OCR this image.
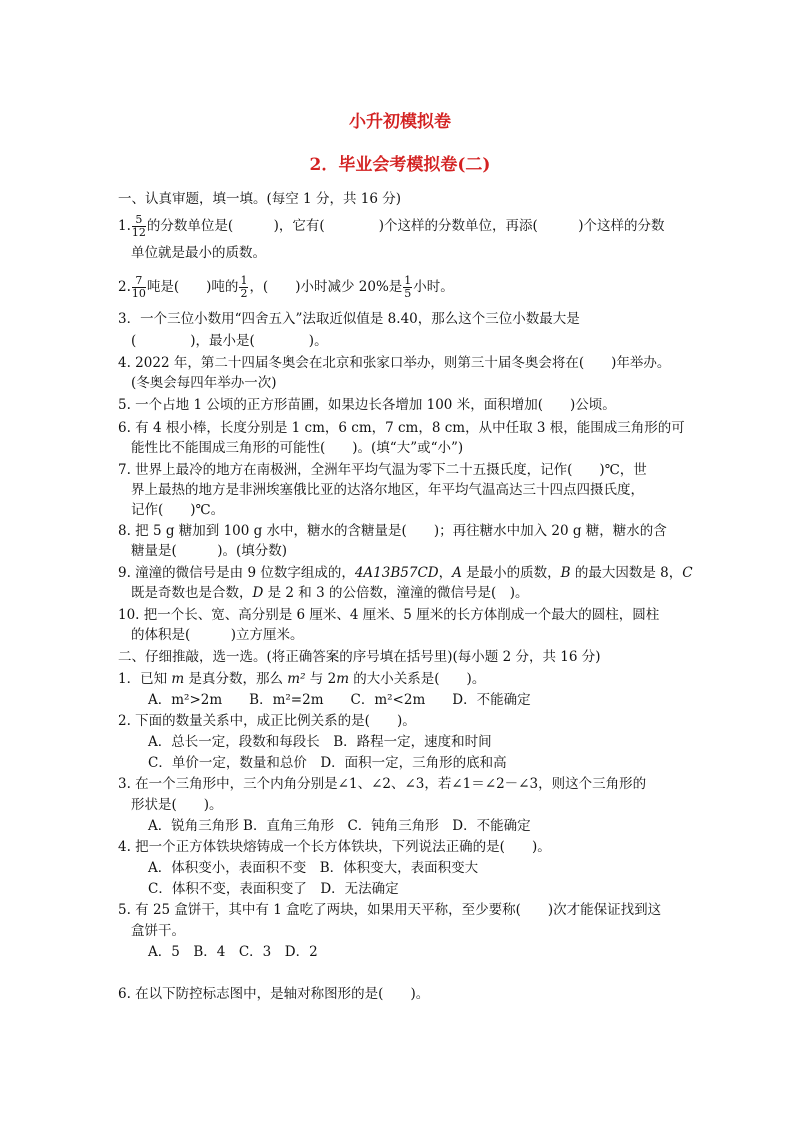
小升初模拟卷
2．毕业会考模拟卷(二)
一、认真审题，填一填。(每空 1 分，共 16 分)
1. $\frac{5}{12}$ 的分数单位是(　　　)，它有(　　　　)个这样的分数单位，再添(　　　)个这样的分数
单位就是最小的质数。
2. $\frac{7}{10}$ 吨是(　　)吨的 $\frac{1}{2}$ ，(　　)小时减少 20%是 $\frac{1}{5}$ 小时。
3．一个三位小数用“四舍五入”法取近似值是 8.40，那么这个三位小数最大是
(　　　　)，最小是(　　　　)。
4. 2022 年，第二十四届冬奥会在北京和张家口举办，则第三十届冬奥会将在(　　)年举办。
(冬奥会每四年举办一次)
5. 一个占地 1 公顷的正方形苗圃，如果边长各增加 100 米，面积增加(　　)公顷。
6. 有 4 根小棒，长度分别是 1 cm，6 cm，7 cm，8 cm，从中任取 3 根，能围成三角形的可
能性比不能围成三角形的可能性(　　)。(填“大”或“小”)
7. 世界上最冷的地方在南极洲，全洲年平均气温为零下二十五摄氏度，记作(　　)℃，世
界上最热的地方是非洲埃塞俄比亚的达洛尔地区，年平均气温高达三十四点四摄氏度，
记作(　　)℃。
8. 把 5 g 糖加到 100 g 水中，糖水的含糖量是(　　)；再往糖水中加入 20 g 糖，糖水的含
糖量是(　　　)。(填分数)
9. 潼潼的微信号是由 9 位数字组成的，4A13B57CD，A 是最小的质数，B 的最大因数是 8，C
既是奇数也是合数，D 是 2 和 3 的公倍数，潼潼的微信号是(　)。
10. 把一个长、宽、高分别是 6 厘米、4 厘米、5 厘米的长方体削成一个最大的圆柱，圆柱
的体积是(　　　)立方厘米。
二、仔细推敲，选一选。(将正确答案的序号填在括号里)(每小题 2 分，共 16 分)
1．已知 m 是真分数，那么 m² 与 2m 的大小关系是(　　)。
A．m²>2m　　B．m²=2m　　C．m²<2m　　D．不能确定
2. 下面的数量关系中，成正比例关系的是(　　)。
A．总长一定，段数和每段长　B．路程一定，速度和时间
C．单价一定，数量和总价　D．面积一定，三角形的底和高
3. 在一个三角形中，三个内角分别是∠1、∠2、∠3，若∠1＝∠2－∠3，则这个三角形的
形状是(　　)。
A．锐角三角形 B．直角三角形　C．钝角三角形　D．不能确定
4. 把一个正方体铁块熔铸成一个长方体铁块，下列说法正确的是(　　)。
A．体积变小，表面积不变　B．体积变大，表面积变大
C．体积不变，表面积变了　D．无法确定
5. 有 25 盒饼干，其中有 1 盒吃了两块，如果用天平称，至少要称(　　)次才能保证找到这
盒饼干。
A．5　B．4　C．3　D．2
6. 在以下防控标志图中，是轴对称图形的是(　　)。
